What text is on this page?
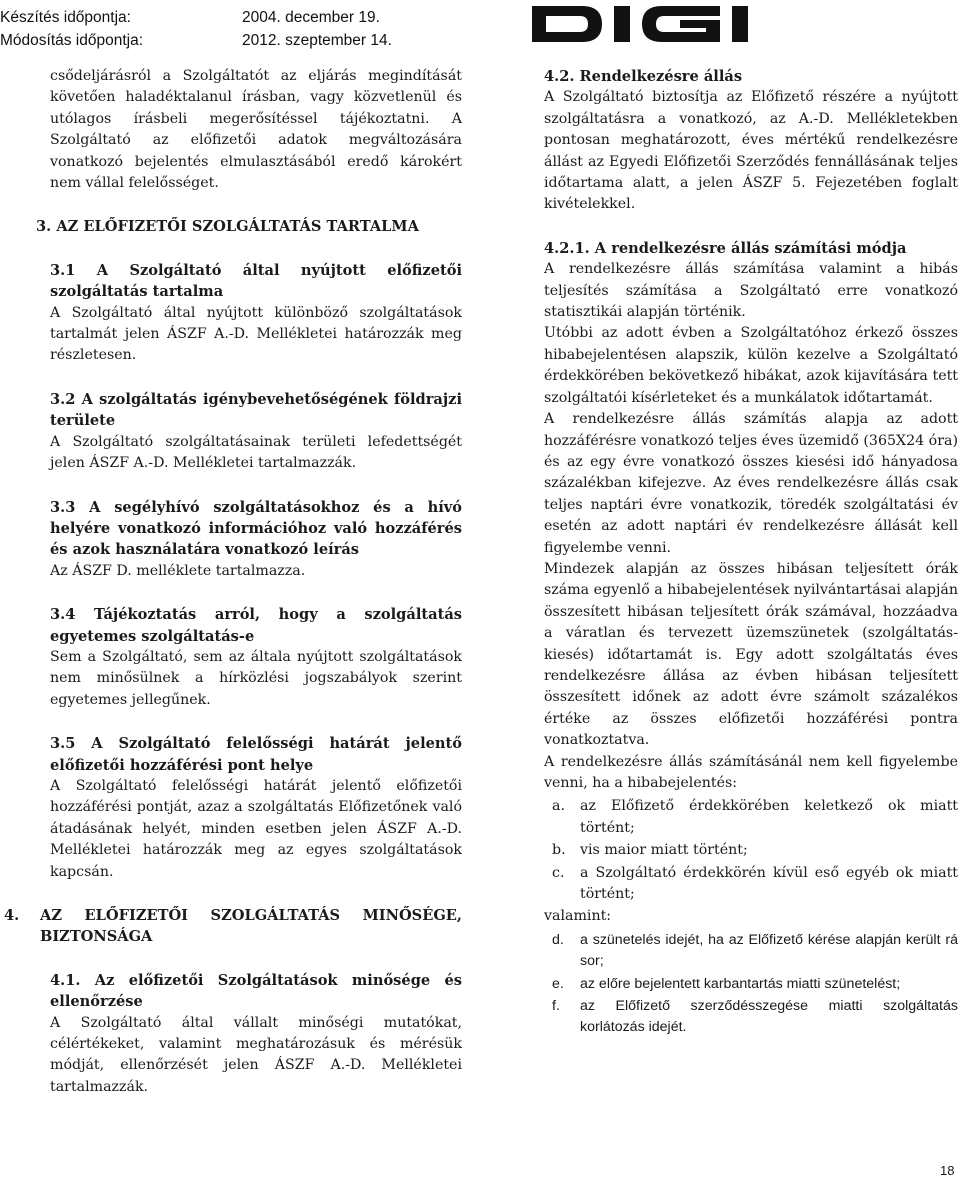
Készítés időpontja:	2004. december 19.
Módosítás időpontja:	2012. szeptember 14.

csődeljárásról a Szolgáltatót az eljárás megindítását követően haladéktalanul írásban, vagy közvetlenül és utólagos írásbeli megerősítéssel tájékoztatni. A Szolgáltató az előfizetői adatok megváltozására vonatkozó bejelentés elmulasztásából eredő károkért nem vállal felelősséget.

3. AZ ELŐFIZETŐI SZOLGÁLTATÁS TARTALMA
3.1 A Szolgáltató által nyújtott előfizetői szolgáltatás tartalma

A Szolgáltató által nyújtott különböző szolgáltatások tartalmát jelen ÁSZF A.-D. Mellékletei határozzák meg részletesen.

3.2 A szolgáltatás igénybevehetőségének földrajzi területe

A Szolgáltató szolgáltatásainak területi lefedettségét jelen ÁSZF A.-D. Mellékletei tartalmazzák.

3.3 A segélyhívó szolgáltatásokhoz és a hívó helyére vonatkozó információhoz való hozzáférés és azok használatára vonatkozó leírás

Az ÁSZF D. melléklete tartalmazza.

3.4 Tájékoztatás arról, hogy a szolgáltatás egyetemes szolgáltatás-e

Sem a Szolgáltató, sem az általa nyújtott szolgáltatások nem minősülnek a hírközlési jogszabályok szerint egyetemes jellegűnek.

3.5 A Szolgáltató felelősségi határát jelentő előfizetői hozzáférési pont helye

A Szolgáltató felelősségi határát jelentő előfizetői hozzáférési pontját, azaz a szolgáltatás Előfizetőnek való átadásának helyét, minden esetben jelen ÁSZF A.-D. Mellékletei határozzák meg az egyes szolgáltatások kapcsán.

4.	AZ ELŐFIZETŐI SZOLGÁLTATÁS MINŐSÉGE, BIZTONSÁGA
4.1. Az előfizetői Szolgáltatások minősége és ellenőrzése

A Szolgáltató által vállalt minőségi mutatókat, célértékeket, valamint meghatározásuk és mérésük módját, ellenőrzését jelen ÁSZF A.-D. Mellékletei tartalmazzák.

4.2. Rendelkezésre állás

A Szolgáltató biztosítja az Előfizető részére a nyújtott szolgáltatásra a vonatkozó, az A.-D. Mellékletekben pontosan meghatározott, éves mértékű rendelkezésre állást az Egyedi Előfizetői Szerződés fennállásának teljes időtartama alatt, a jelen ÁSZF 5. Fejezetében foglalt kivételekkel.

4.2.1. A rendelkezésre állás számítási módja

A rendelkezésre állás számítása valamint a hibás teljesítés számítása a Szolgáltató erre vonatkozó statisztikái alapján történik.

Utóbbi az adott évben a Szolgáltatóhoz érkező összes hibabejelentésen alapszik, külön kezelve a Szolgáltató érdekkörében bekövetkező hibákat, azok kijavítására tett szolgáltatói kísérleteket és a munkálatok időtartamát.

A rendelkezésre állás számítás alapja az adott hozzáférésre vonatkozó teljes éves üzemidő (365X24 óra) és az egy évre vonatkozó összes kiesési idő hányadosa százalékban kifejezve. Az éves rendelkezésre állás csak teljes naptári évre vonatkozik, töredék szolgáltatási év esetén az adott naptári év rendelkezésre állását kell figyelembe venni.

Mindezek alapján az összes hibásan teljesített órák száma egyenlő a hibabejelentések nyilvántartásai alapján összesített hibásan teljesített órák számával, hozzáadva a váratlan és tervezett üzemszünetek (szolgáltatás-kiesés) időtartamát is. Egy adott szolgáltatás éves rendelkezésre állása az évben hibásan teljesített összesített időnek az adott évre számolt százalékos értéke az összes előfizetői hozzáférési pontra vonatkoztatva.

A rendelkezésre állás számításánál nem kell figyelembe venni, ha a hibabejelentés:

a.	az Előfizető érdekkörében keletkező ok miatt történt;
b.	vis maior miatt történt;
c.	a Szolgáltató érdekkörén kívül eső egyéb ok miatt történt;

valamint:

d.	a szünetelés idejét, ha az Előfizető kérése alapján került rá sor;
e.	az előre bejelentett karbantartás miatti szünetelést;
f.	az Előfizető szerződésszegése miatti szolgáltatás korlátozás idejét.
18
